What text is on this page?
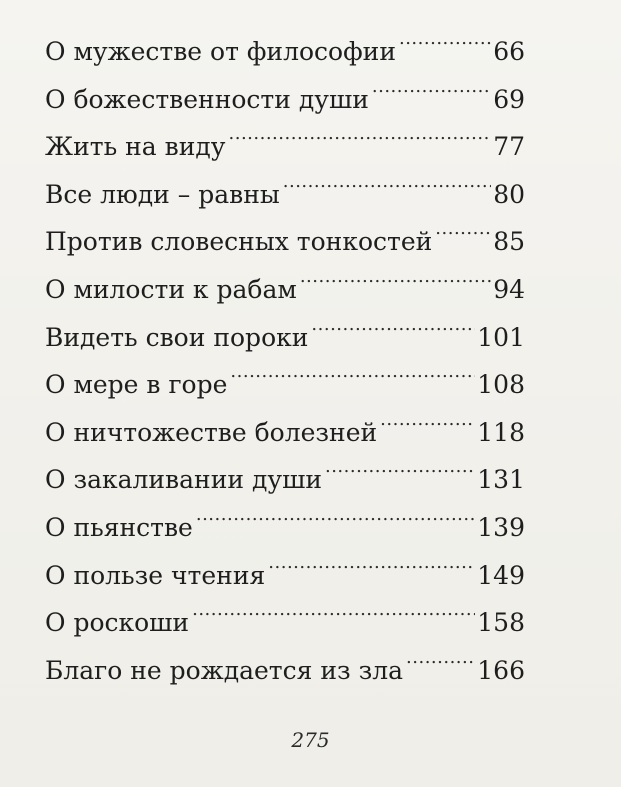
О мужестве от философии .....	66
О божественности души .....	69
Жить на виду .....	77
Все люди – равны .....	80
Против словесных тонкостей ..... 85
О милости к рабам .....	94
Видеть свои пороки .....	101
О мере в горе .....	108
О ничтожестве болезней .....	118
О закаливании души .....	131
О пьянстве .....	139
О пользе чтения .....	149
О роскоши .....	158
Благо не рождается из зла .....	166
275
